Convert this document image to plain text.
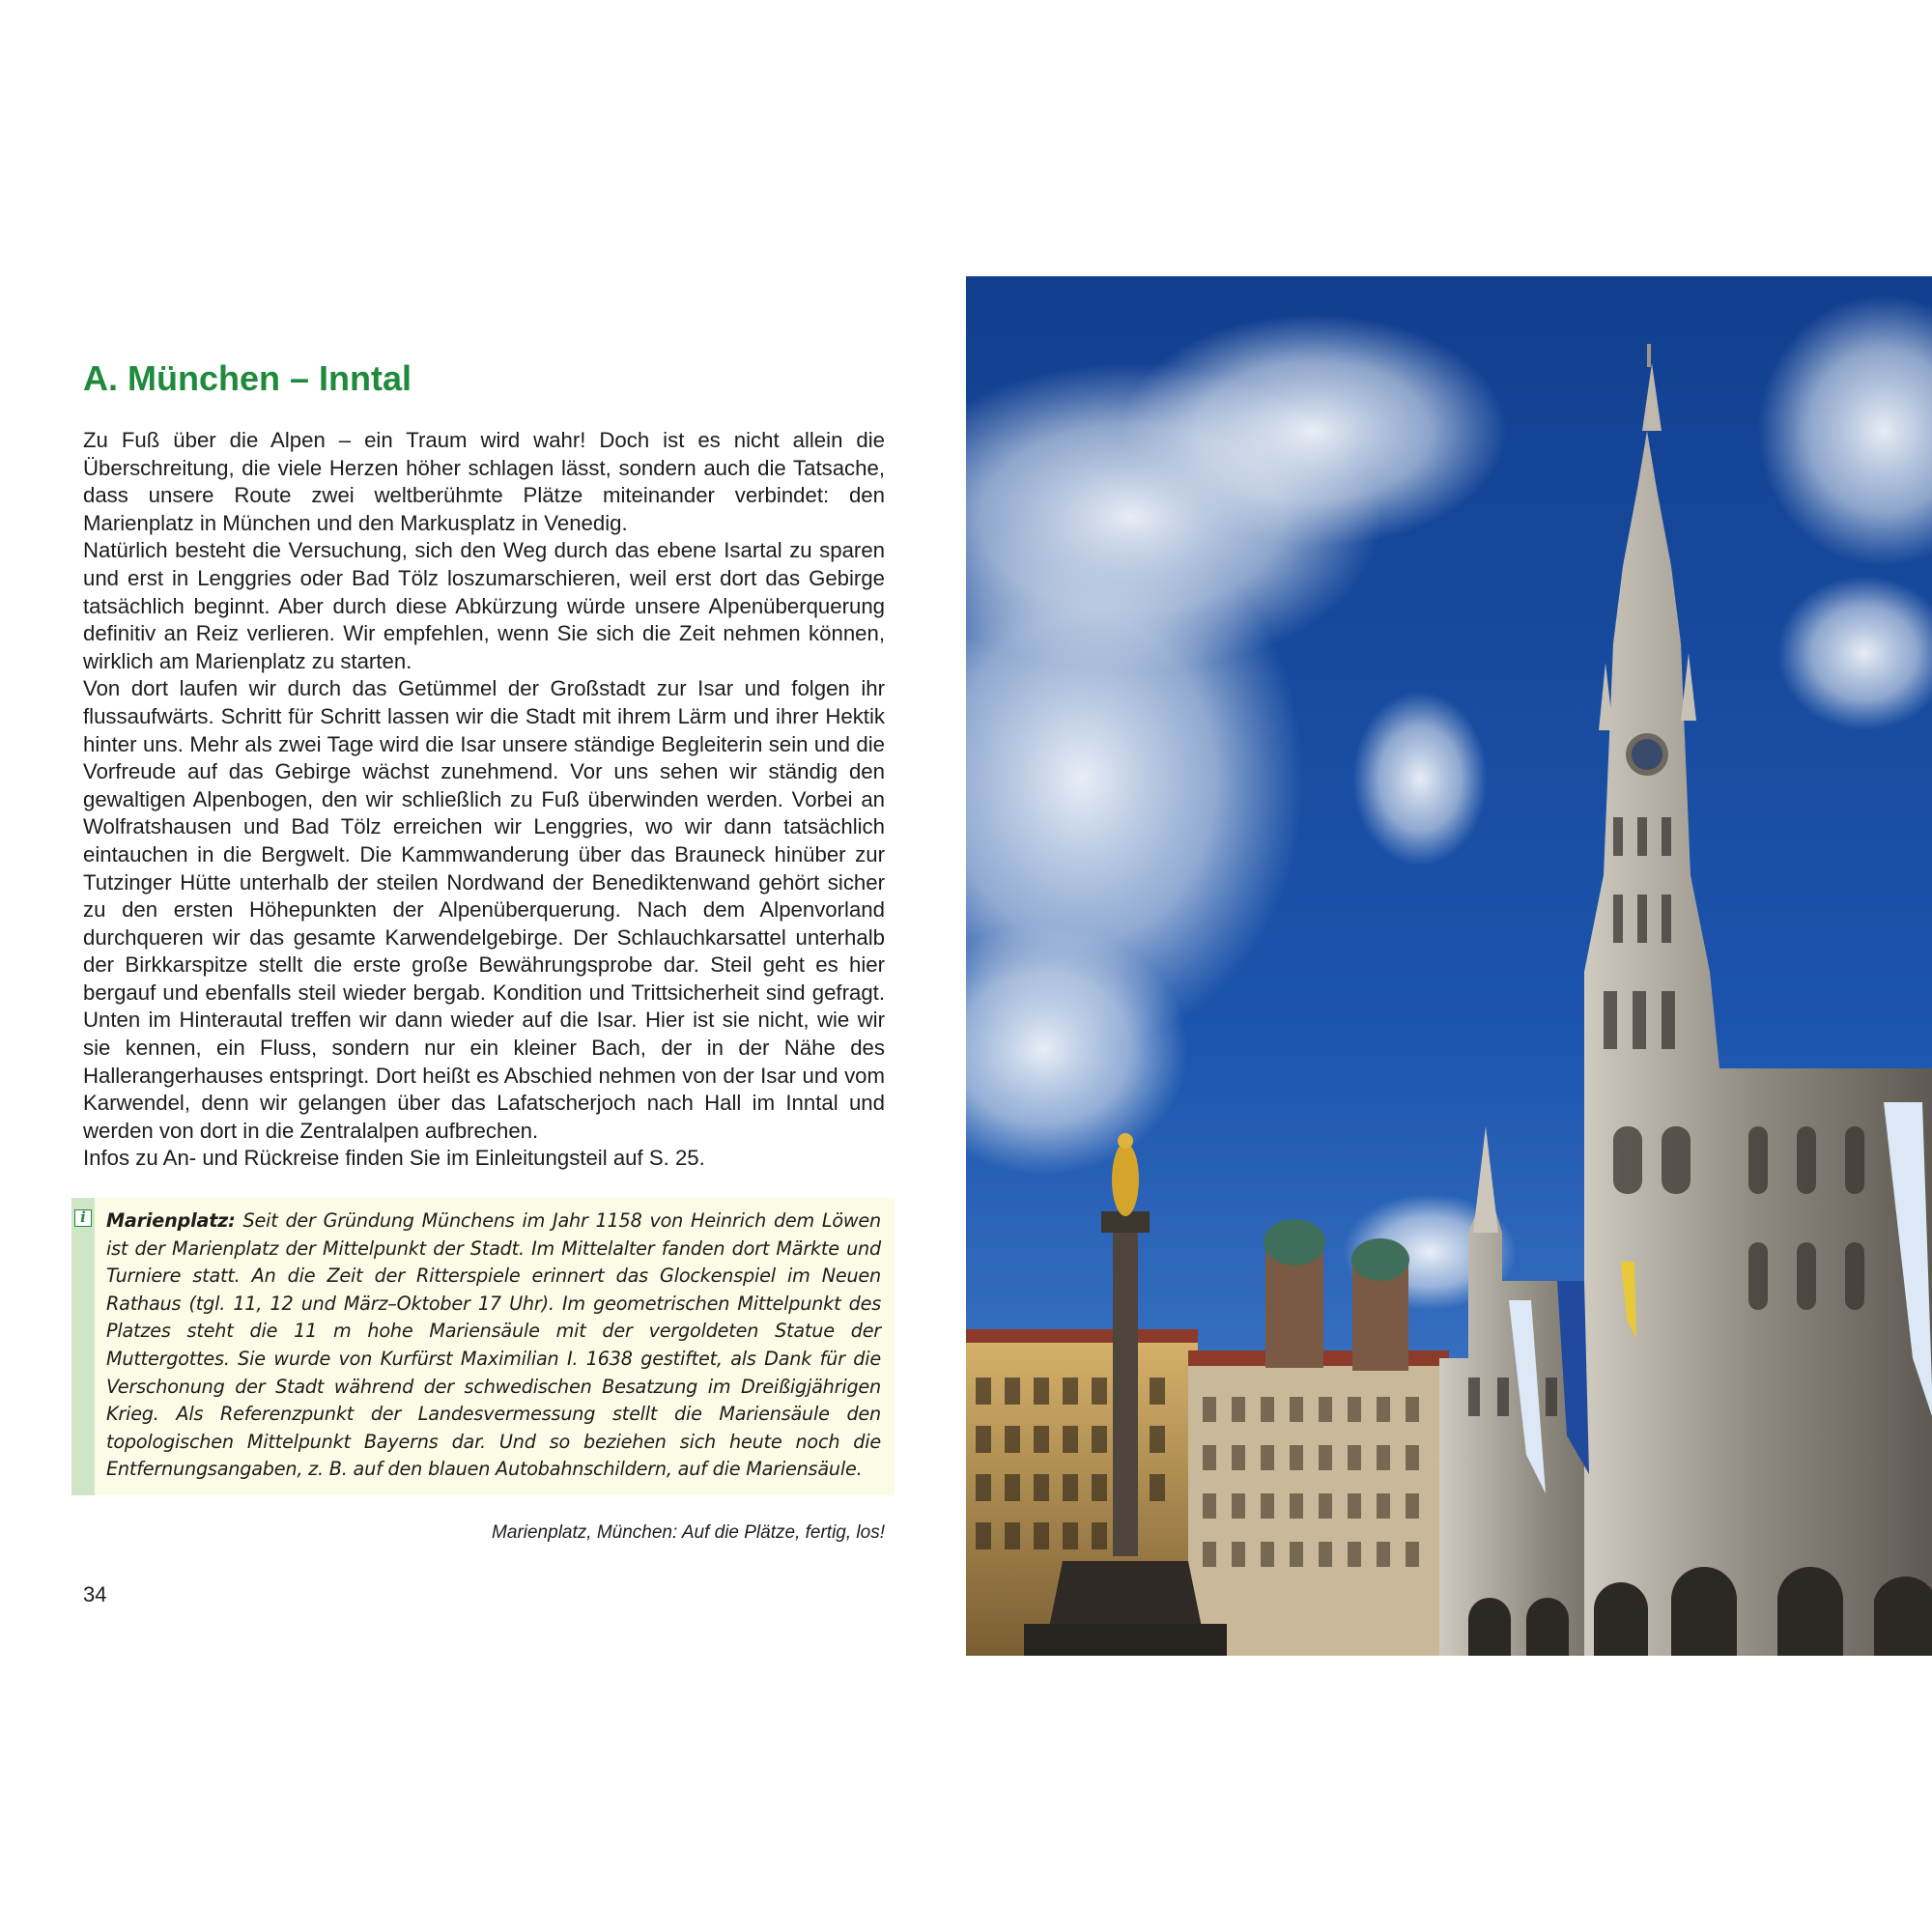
A. München – Inntal

Zu Fuß über die Alpen – ein Traum wird wahr! Doch ist es nicht allein die Überschreitung, die viele Herzen höher schlagen lässt, sondern auch die Tatsache, dass unsere Route zwei weltberühmte Plätze miteinander verbindet: den Marienplatz in München und den Markusplatz in Venedig.

Natürlich besteht die Versuchung, sich den Weg durch das ebene Isartal zu sparen und erst in Lenggries oder Bad Tölz loszumarschieren, weil erst dort das Gebirge tatsächlich beginnt. Aber durch diese Abkürzung würde unsere Alpenüberquerung definitiv an Reiz verlieren. Wir empfehlen, wenn Sie sich die Zeit nehmen können, wirklich am Marienplatz zu starten.

Von dort laufen wir durch das Getümmel der Großstadt zur Isar und folgen ihr flussaufwärts. Schritt für Schritt lassen wir die Stadt mit ihrem Lärm und ihrer Hektik hinter uns. Mehr als zwei Tage wird die Isar unsere ständige Begleiterin sein und die Vorfreude auf das Gebirge wächst zunehmend. Vor uns sehen wir ständig den gewaltigen Alpenbogen, den wir schließlich zu Fuß überwinden werden. Vorbei an Wolfratshausen und Bad Tölz erreichen wir Lenggries, wo wir dann tatsächlich eintauchen in die Bergwelt. Die Kammwanderung über das Brauneck hinüber zur Tutzinger Hütte unterhalb der steilen Nordwand der Benediktenwand gehört sicher zu den ersten Höhepunkten der Alpenüberquerung. Nach dem Alpenvorland durchqueren wir das gesamte Karwendelgebirge. Der Schlauchkarsattel unterhalb der Birkkarspitze stellt die erste große Bewährungsprobe dar. Steil geht es hier bergauf und ebenfalls steil wieder bergab. Kondition und Trittsicherheit sind gefragt. Unten im Hinterautal treffen wir dann wieder auf die Isar. Hier ist sie nicht, wie wir sie kennen, ein Fluss, sondern nur ein kleiner Bach, der in der Nähe des Hallerangerhauses entspringt. Dort heißt es Abschied nehmen von der Isar und vom Karwendel, denn wir gelangen über das Lafatscherjoch nach Hall im Inntal und werden von dort in die Zentralalpen aufbrechen.

Infos zu An- und Rückreise finden Sie im Einleitungsteil auf S. 25.

i	Marienplatz: Seit der Gründung Münchens im Jahr 1158 von Heinrich dem Löwen ist der Marienplatz der Mittelpunkt der Stadt. Im Mittelalter fanden dort Märkte und Turniere statt. An die Zeit der Ritterspiele erinnert das Glockenspiel im Neuen Rathaus (tgl. 11, 12 und März–Oktober 17 Uhr). Im geometrischen Mittelpunkt des Platzes steht die 11 m hohe Mariensäule mit der vergoldeten Statue der Muttergottes. Sie wurde von Kurfürst Maximilian I. 1638 gestiftet, als Dank für die Verschonung der Stadt während der schwedischen Besatzung im Dreißigjährigen Krieg. Als Referenzpunkt der Landesvermessung stellt die Mariensäule den topologischen Mittelpunkt Bayerns dar. Und so beziehen sich heute noch die Entfernungsangaben, z. B. auf den blauen Autobahnschildern, auf die Mariensäule.
Marienplatz, München: Auf die Plätze, fertig, los!
34
